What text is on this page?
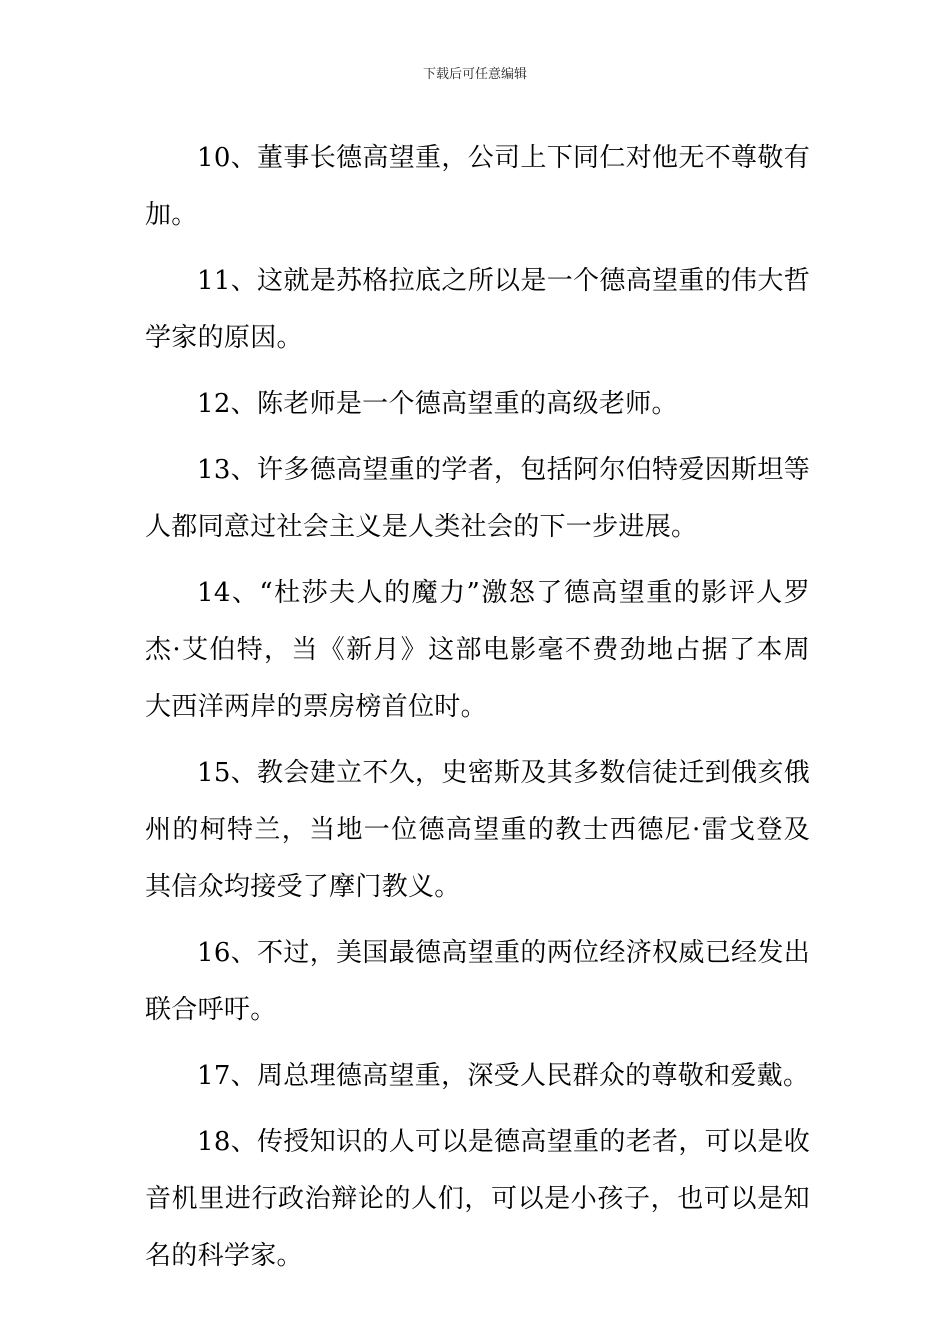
下载后可任意编辑

10、董事长德高望重，公司上下同仁对他无不尊敬有加。

11、这就是苏格拉底之所以是一个德高望重的伟大哲学家的原因。

12、陈老师是一个德高望重的高级老师。

13、许多德高望重的学者，包括阿尔伯特爱因斯坦等人都同意过社会主义是人类社会的下一步进展。

14、“杜莎夫人的魔力”激怒了德高望重的影评人罗杰·艾伯特，当《新月》这部电影毫不费劲地占据了本周大西洋两岸的票房榜首位时。

15、教会建立不久，史密斯及其多数信徒迁到俄亥俄州的柯特兰，当地一位德高望重的教士西德尼·雷戈登及其信众均接受了摩门教义。

16、不过，美国最德高望重的两位经济权威已经发出联合呼吁。

17、周总理德高望重，深受人民群众的尊敬和爱戴。

18、传授知识的人可以是德高望重的老者，可以是收音机里进行政治辩论的人们，可以是小孩子，也可以是知名的科学家。
